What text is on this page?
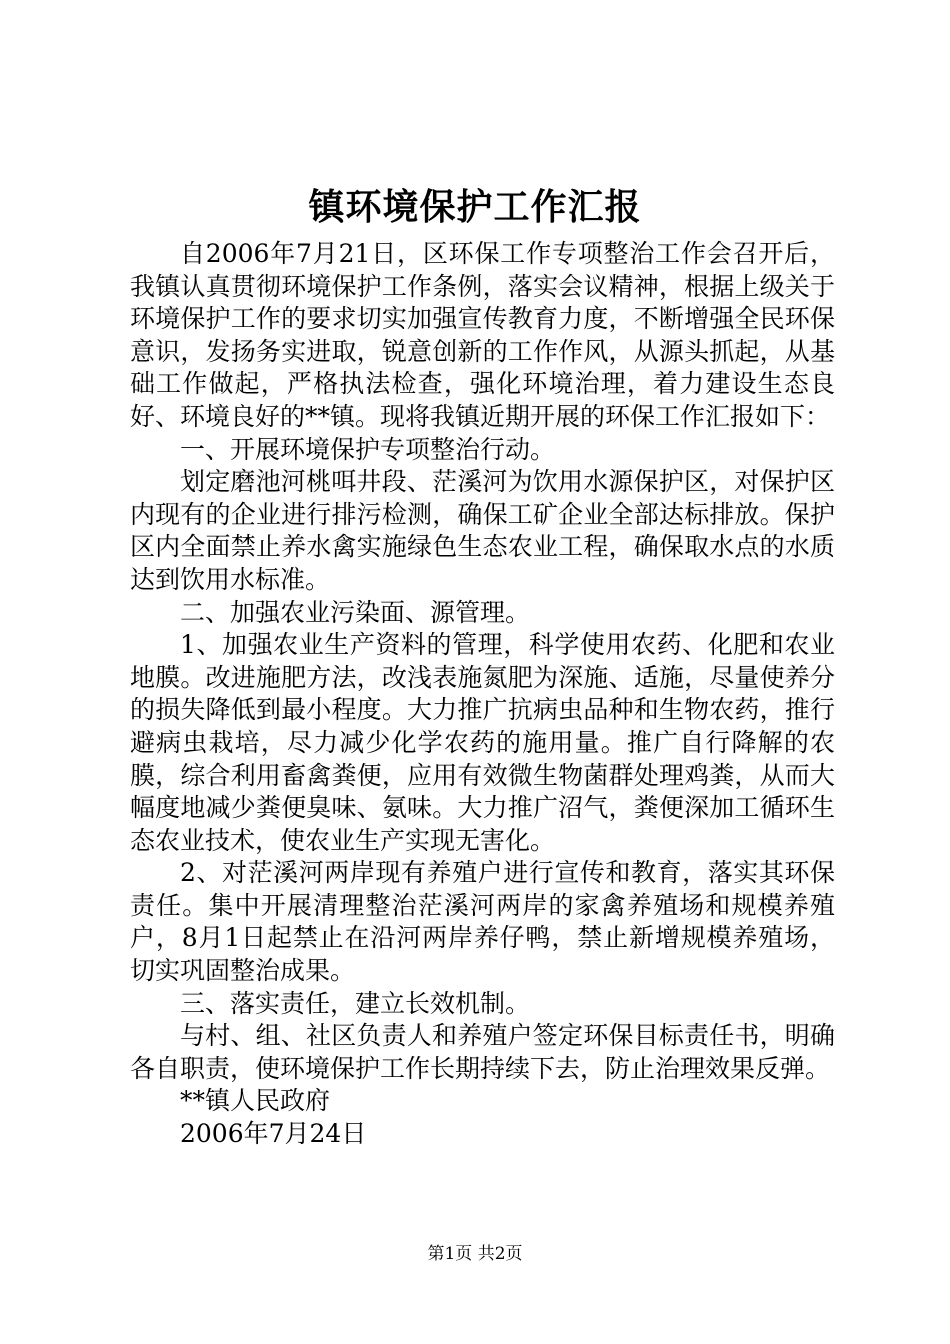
镇环境保护工作汇报

自2006年7月21日，区环保工作专项整治工作会召开后，我镇认真贯彻环境保护工作条例，落实会议精神，根据上级关于环境保护工作的要求切实加强宣传教育力度，不断增强全民环保意识，发扬务实进取，锐意创新的工作作风，从源头抓起，从基础工作做起，严格执法检查，强化环境治理，着力建设生态良好、环境良好的**镇。现将我镇近期开展的环保工作汇报如下：

一、开展环境保护专项整治行动。

划定磨池河桃咡井段、茫溪河为饮用水源保护区，对保护区内现有的企业进行排污检测，确保工矿企业全部达标排放。保护区内全面禁止养水禽实施绿色生态农业工程，确保取水点的水质达到饮用水标准。

二、加强农业污染面、源管理。

1、加强农业生产资料的管理，科学使用农药、化肥和农业地膜。改进施肥方法，改浅表施氮肥为深施、适施，尽量使养分的损失降低到最小程度。大力推广抗病虫品种和生物农药，推行避病虫栽培，尽力减少化学农药的施用量。推广自行降解的农膜，综合利用畜禽粪便，应用有效微生物菌群处理鸡粪，从而大幅度地减少粪便臭味、氨味。大力推广沼气，粪便深加工循环生态农业技术，使农业生产实现无害化。

2、对茫溪河两岸现有养殖户进行宣传和教育，落实其环保责任。集中开展清理整治茫溪河两岸的家禽养殖场和规模养殖户，8月1日起禁止在沿河两岸养仔鸭，禁止新增规模养殖场，切实巩固整治成果。

三、落实责任，建立长效机制。

与村、组、社区负责人和养殖户签定环保目标责任书，明确各自职责，使环境保护工作长期持续下去，防止治理效果反弹。

**镇人民政府

2006年7月24日

第1页 共2页
